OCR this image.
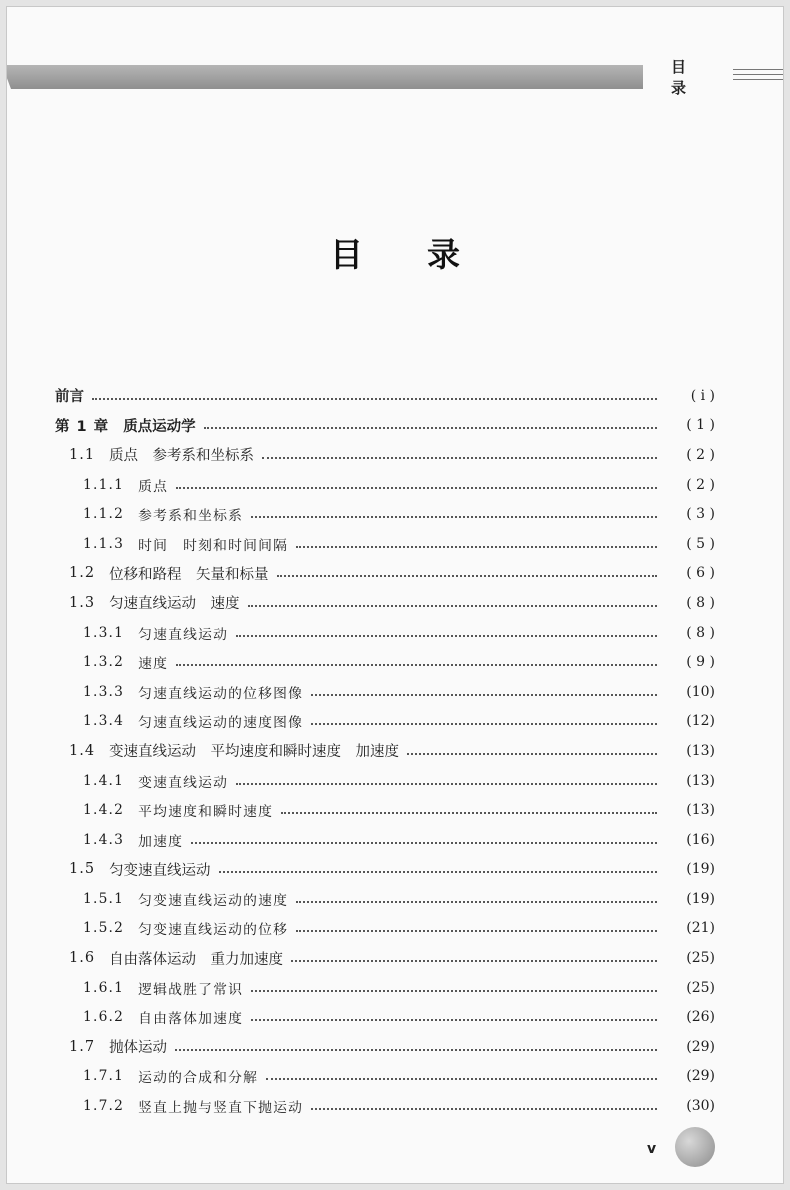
目录
目录
前言	( i )
第 1 章 质点运动学	( 1 )
1.1 质点　参考系和坐标系	( 2 )
1.1.1 质点	( 2 )
1.1.2 参考系和坐标系	( 3 )
1.1.3 时间　时刻和时间间隔	( 5 )
1.2 位移和路程　矢量和标量	( 6 )
1.3 匀速直线运动　速度	( 8 )
1.3.1 匀速直线运动	( 8 )
1.3.2 速度	( 9 )
1.3.3 匀速直线运动的位移图像	(10)
1.3.4 匀速直线运动的速度图像	(12)
1.4 变速直线运动　平均速度和瞬时速度　加速度	(13)
1.4.1 变速直线运动	(13)
1.4.2 平均速度和瞬时速度	(13)
1.4.3 加速度	(16)
1.5 匀变速直线运动	(19)
1.5.1 匀变速直线运动的速度	(19)
1.5.2 匀变速直线运动的位移	(21)
1.6 自由落体运动　重力加速度	(25)
1.6.1 逻辑战胜了常识	(25)
1.6.2 自由落体加速度	(26)
1.7 抛体运动	(29)
1.7.1 运动的合成和分解	(29)
1.7.2 竖直上抛与竖直下抛运动	(30)
v
